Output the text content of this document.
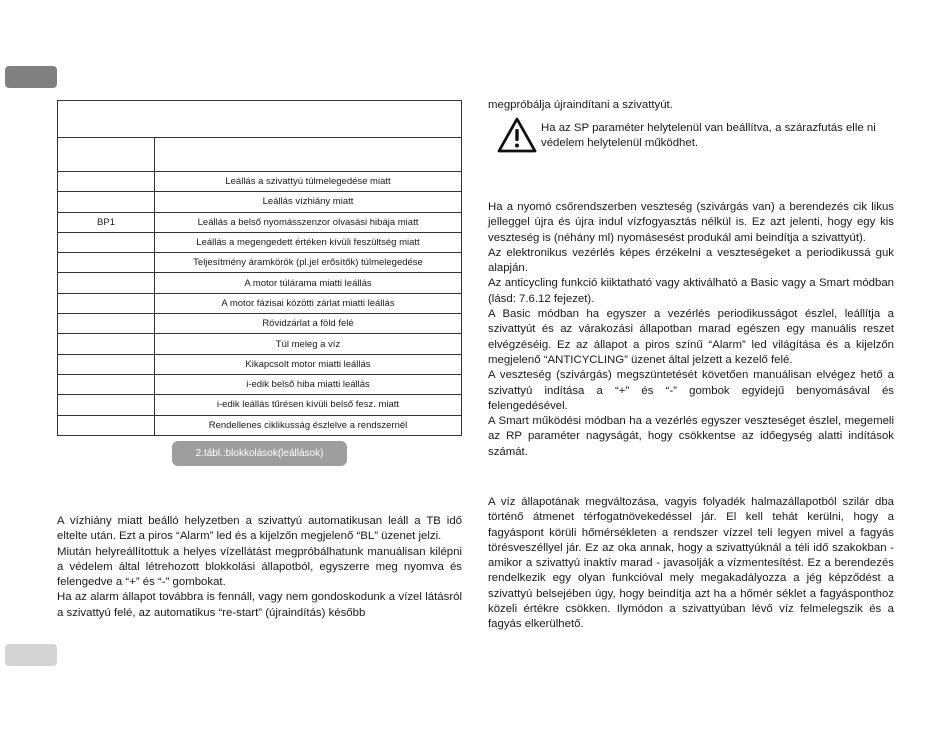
	Leállás a szivattyú túlmelegedése miatt
	Leállás vízhiány miatt
BP1	Leállás a belső nyomásszenzor olvasási hibája miatt
	Leállás a megengedett értéken kívüli feszültség miatt
	Teljesítmény áramkörök (pl.jel erősítők) túlmelegedése
	A motor túlárama miatti leállás
	A motor fázisai közötti zárlat miatti leállás
	Rövidzárlat a föld felé
	Túl meleg a víz
	Kikapcsolt motor miatti leállás
	i-edik belső hiba miatti leállás
	i-edik leállás tűrésen kívüli belső fesz. miatt
	Rendellenes ciklikusság észlelve a rendszernél
2.tábl.:blokkolások(leállások)

A vízhiány miatt beálló helyzetben a szivattyú automatikusan leáll a TB idő eltelte után. Ezt a piros “Alarm” led és a kijelzőn megjelenő “BL” üzenet jelzi.

Miután helyreállítottuk a helyes vízellátást megpróbálhatunk manuálisan kilépni a védelem által létrehozott blokkolási állapotból, egyszerre meg nyomva és felengedve a “+” és “-” gombokat.

Ha az alarm állapot továbbra is fennáll, vagy nem gondoskodunk a vízel látásról a szivattyú felé, az automatikus “re-start” (újraindítás) később

megpróbálja újraindítani a szivattyút.
Ha az SP paraméter helytelenül van beállítva, a szárazfutás elle ni védelem helytelenül működhet.

Ha a nyomó csőrendszerben veszteség (szivárgás van) a berendezés cik likus jelleggel újra és újra indul vízfogyasztás nélkül is. Ez azt jelenti, hogy egy kis veszteség is (néhány ml) nyomásesést produkál ami beindítja a szivattyút).

Az elektronikus vezérlés képes érzékelni a veszteségeket a periodikussá guk alapján.

Az anticycling funkció kiiktatható vagy aktiválható a Basic vagy a Smart módban (lásd: 7.6.12 fejezet).

A Basic módban ha egyszer a vezérlés periodikusságot észlel, leállítja a szivattyút és az várakozási állapotban marad egészen egy manuális reszet elvégzéséig. Ez az állapot a piros színű “Alarm” led világítása és a kijelzőn megjelenő “ANTICYCLING” üzenet által jelzett a kezelő felé.

A veszteség (szivárgás) megszüntetését követően manuálisan elvégez hető a szivattyú indítása a “+” és “-” gombok egyidejű benyomásával és felengedésével.

A Smart működési módban ha a vezérlés egyszer veszteséget észlel, megemeli az RP paraméter nagyságát, hogy csökkentse az időegység alatti indítások számát.

A víz állapotának megváltozása, vagyis folyadék halmazállapotból szilár dba történő átmenet térfogatnövekedéssel jár. El kell tehát kerülni, hogy a fagyáspont körüli hőmérsékleten a rendszer vízzel teli legyen mivel a fagyás törésveszéllyel jár. Ez az oka annak, hogy a szivattyúknál a téli idő szakokban - amikor a szivattyú inaktív marad - javasolják a vízmentesítést. Ez a berendezés rendelkezik egy olyan funkcióval mely megakadályozza a jég képződést a szivattyú belsejében úgy, hogy beindítja azt ha a hőmér séklet a fagyásponthoz közeli értékre csökken. Ilymódon a szivattyúban lévő víz felmelegszik és a fagyás elkerülhető.
